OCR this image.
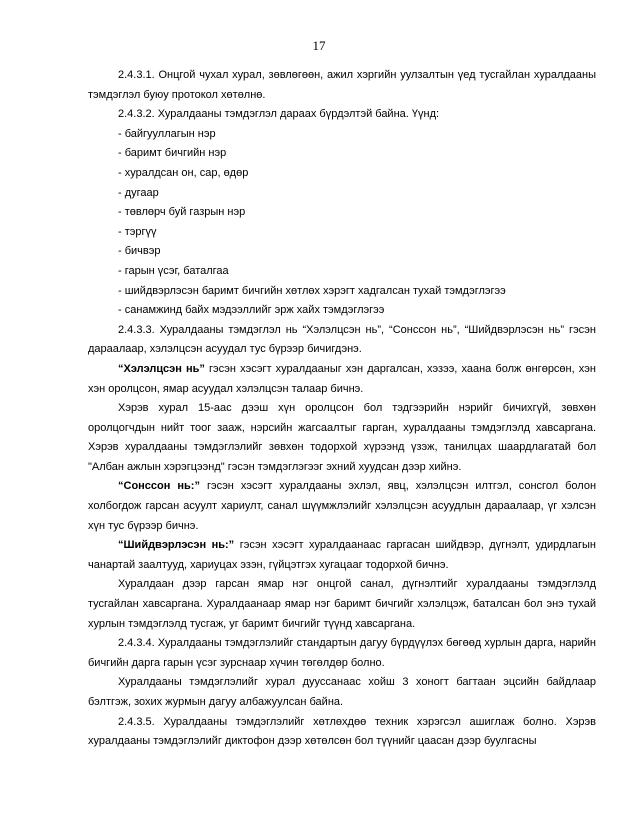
17

2.4.3.1. Онцгой чухал хурал, зөвлөгөөн, ажил хэргийн уулзалтын үед тусгайлан хуралдааны тэмдэглэл буюу протокол хөтөлнө.

2.4.3.2. Хуралдааны тэмдэглэл дараах бүрдэлтэй байна. Үүнд:

- байгууллагын нэр
- баримт бичгийн нэр
- хуралдсан он, сар, өдөр
- дугаар
- төвлөрч буй газрын нэр
- тэргүү
- бичвэр
- гарын үсэг, баталгаа
- шийдвэрлэсэн баримт бичгийн хөтлөх хэрэгт хадгалсан тухай тэмдэглэгээ
- санамжинд байх мэдээллийг эрж хайх тэмдэглэгээ

2.4.3.3. Хуралдааны тэмдэглэл нь “Хэлэлцсэн нь”, “Сонссон нь”, “Шийдвэрлэсэн нь” гэсэн дараалаар, хэлэлцсэн асуудал тус бүрээр бичигдэнэ.

“Хэлэлцсэн нь” гэсэн хэсэгт хуралдааныг хэн даргалсан, хэзээ, хаана болж өнгөрсөн, хэн хэн оролцсон, ямар асуудал хэлэлцсэн талаар бичнэ.

Хэрэв хурал 15-аас дээш хүн оролцсон бол тэдгээрийн нэрийг бичихгүй, зөвхөн оролцогчдын нийт тоог зааж, нэрсийн жагсаалтыг гарган, хуралдааны тэмдэглэлд хавсаргана. Хэрэв хуралдааны тэмдэглэлийг зөвхөн тодорхой хүрээнд үзэж, танилцах шаардлагатай бол "Албан ажлын хэрэгцээнд" гэсэн тэмдэглэгээг эхний хуудсан дээр хийнэ.

“Сонссон нь:” гэсэн хэсэгт хуралдааны эхлэл, явц, хэлэлцсэн илтгэл, сонсгол болон холбогдож гарсан асуулт хариулт, санал шүүмжлэлийг хэлэлцсэн асуудлын дараалаар, үг хэлсэн хүн тус бүрээр бичнэ.

“Шийдвэрлэсэн нь:” гэсэн хэсэгт хуралдаанаас гаргасан шийдвэр, дүгнэлт, удирдлагын чанартай заалтууд, хариуцах эзэн, гүйцэтгэх хугацааг тодорхой бичнэ.

Хуралдаан дээр гарсан ямар нэг онцгой санал, дүгнэлтийг хуралдааны тэмдэглэлд тусгайлан хавсаргана. Хуралдаанаар ямар нэг баримт бичгийг хэлэлцэж, баталсан бол энэ тухай хурлын тэмдэглэлд тусгаж, уг баримт бичгийг түүнд хавсаргана.

2.4.3.4. Хуралдааны тэмдэглэлийг стандартын дагуу бүрдүүлэх бөгөөд хурлын дарга, нарийн бичгийн дарга гарын үсэг зурснаар хүчин төгөлдөр болно.

Хуралдааны тэмдэглэлийг хурал дууссанаас хойш 3 хоногт багтаан эцсийн байдлаар бэлтгэж, зохих журмын дагуу албажуулсан байна.

2.4.3.5. Хуралдааны тэмдэглэлийг хөтлөхдөө техник хэрэгсэл ашиглаж болно. Хэрэв хуралдааны тэмдэглэлийг диктофон дээр хөтөлсөн бол түүнийг цаасан дээр буулгасны
